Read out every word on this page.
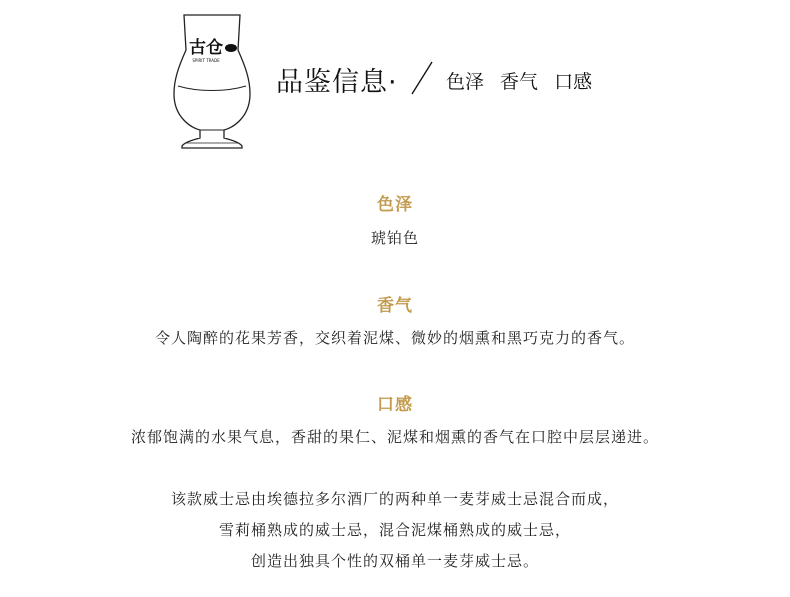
古仓
SPIRIT TRADE
品鉴信息·	色泽 香气 口感
色泽
琥铂色
香气
令人陶醉的花果芳香，交织着泥煤、微妙的烟熏和黑巧克力的香气。
口感
浓郁饱满的水果气息，香甜的果仁、泥煤和烟熏的香气在口腔中层层递进。
该款威士忌由埃德拉多尔酒厂的两种单一麦芽威士忌混合而成，
雪莉桶熟成的威士忌，混合泥煤桶熟成的威士忌，
创造出独具个性的双桶单一麦芽威士忌。
